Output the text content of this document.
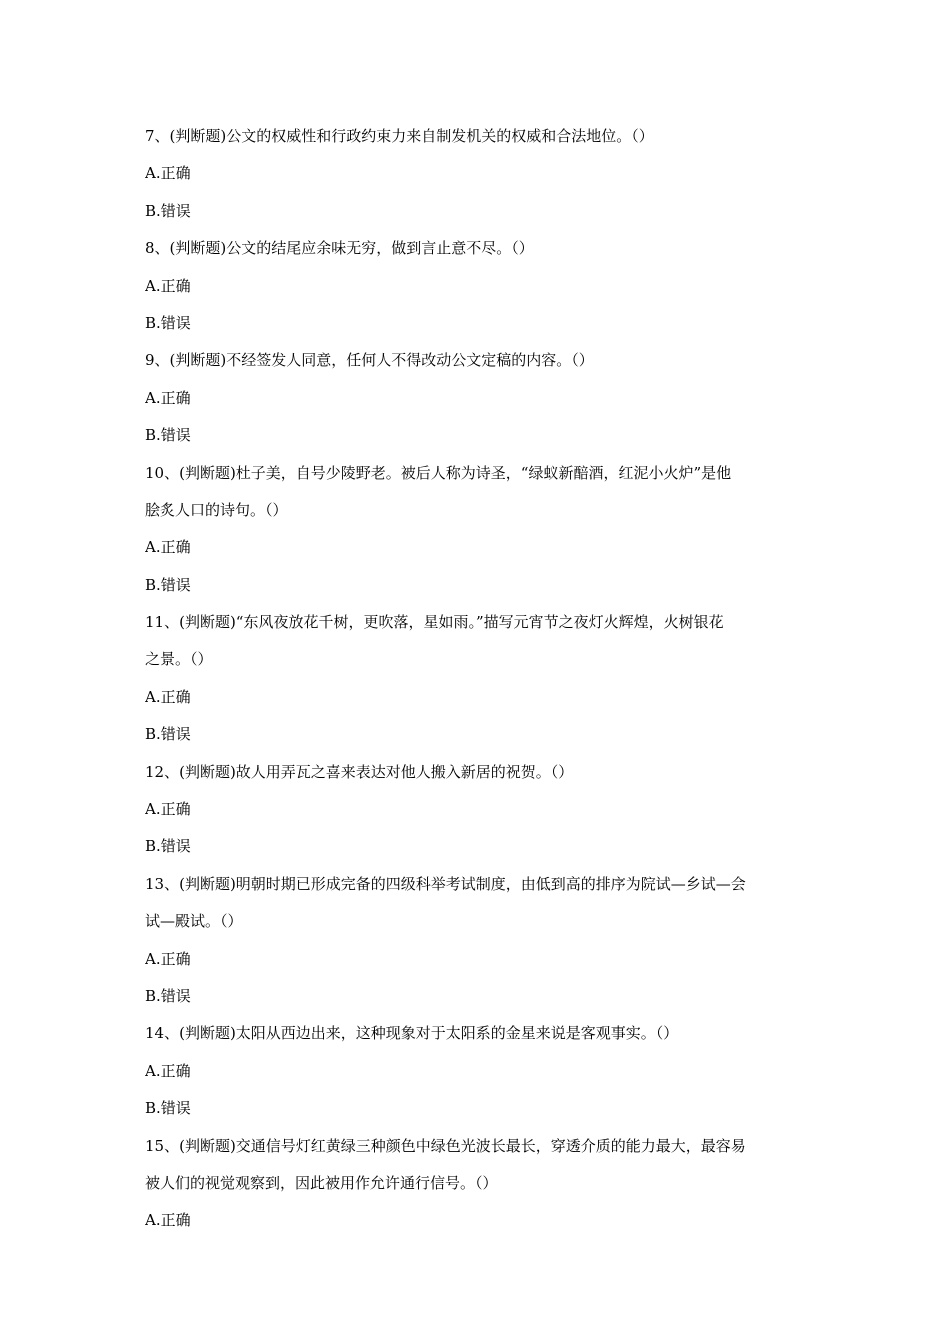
7、(判断题)公文的权威性和行政约束力来自制发机关的权威和合法地位。（）
A.正确
B.错误
8、(判断题)公文的结尾应余味无穷，做到言止意不尽。（）
A.正确
B.错误
9、(判断题)不经签发人同意，任何人不得改动公文定稿的内容。（）
A.正确
B.错误
10、(判断题)杜子美，自号少陵野老。被后人称为诗圣，“绿蚁新醅酒，红泥小火炉”是他
脍炙人口的诗句。（）
A.正确
B.错误
11、(判断题)“东风夜放花千树，更吹落，星如雨。”描写元宵节之夜灯火辉煌，火树银花
之景。（）
A.正确
B.错误
12、(判断题)故人用弄瓦之喜来表达对他人搬入新居的祝贺。（）
A.正确
B.错误
13、(判断题)明朝时期已形成完备的四级科举考试制度，由低到高的排序为院试—乡试—会
试—殿试。（）
A.正确
B.错误
14、(判断题)太阳从西边出来，这种现象对于太阳系的金星来说是客观事实。（）
A.正确
B.错误
15、(判断题)交通信号灯红黄绿三种颜色中绿色光波长最长，穿透介质的能力最大，最容易
被人们的视觉观察到，因此被用作允许通行信号。（）
A.正确
